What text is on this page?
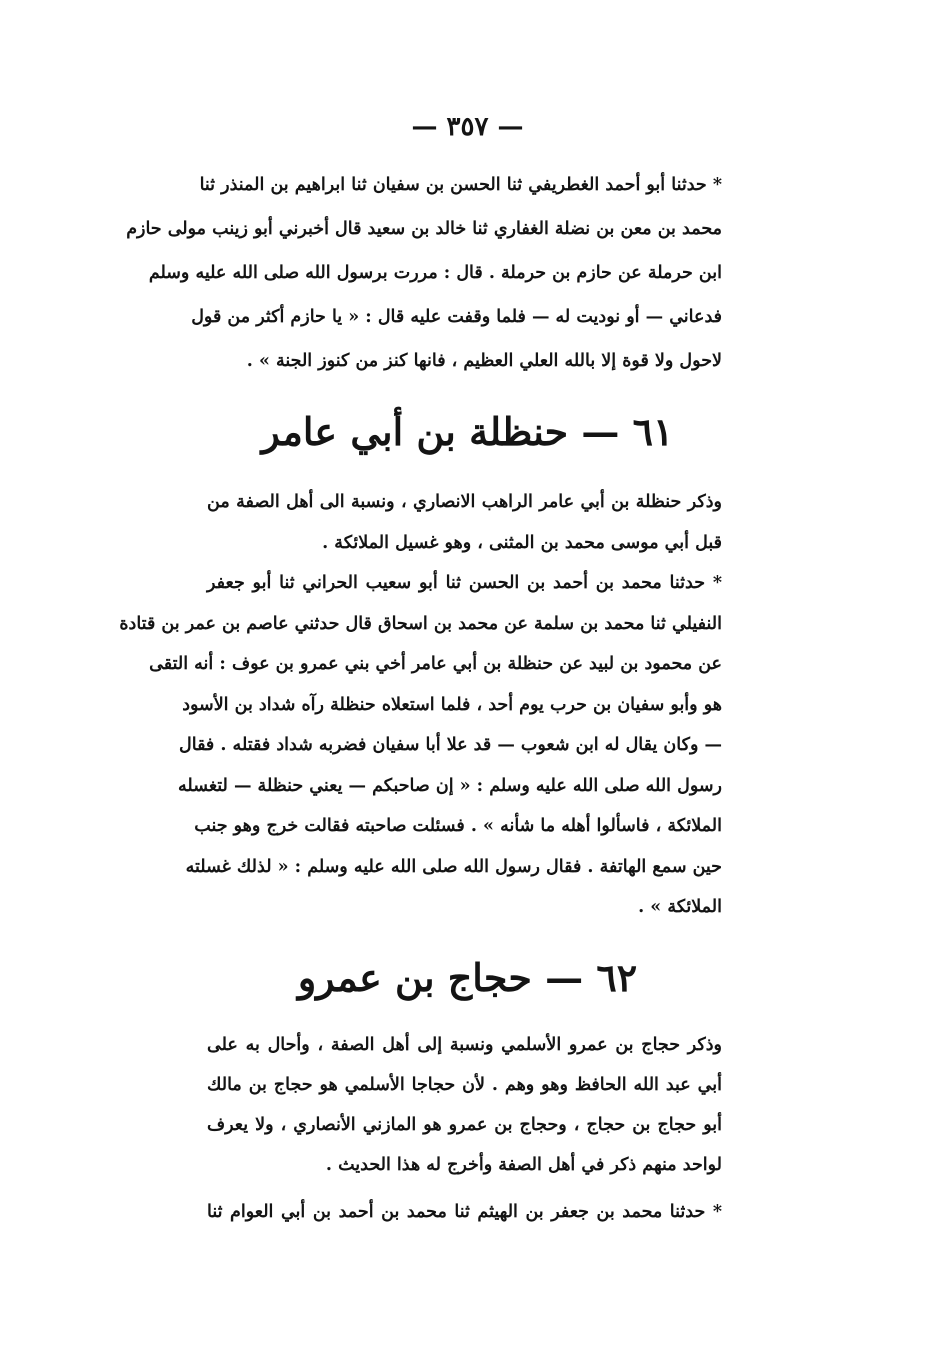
— ٣٥٧ —
* حدثنا أبو أحمد الغطريفي ثنا الحسن بن سفيان ثنا ابراهيم بن المنذر ثنا
محمد بن معن بن نضلة الغفاري ثنا خالد بن سعيد قال أخبرني أبو زينب مولى حازم
ابن حرملة عن حازم بن حرملة . قال : مررت برسول الله صلى الله عليه وسلم
فدعاني — أو نوديت له — فلما وقفت عليه قال : « يا حازم أكثر من قول
لاحول ولا قوة إلا بالله العلي العظيم ، فانها كنز من كنوز الجنة » .
٦١ — حنظلة بن أبي عامر
وذكر حنظلة بن أبي عامر الراهب الانصاري ، ونسبة الى أهل الصفة من
قبل أبي موسى محمد بن المثنى ، وهو غسيل الملائكة .
* حدثنا محمد بن أحمد بن الحسن ثنا أبو سعيب الحراني ثنا أبو جعفر
النفيلي ثنا محمد بن سلمة عن محمد بن اسحاق قال حدثني عاصم بن عمر بن قتادة
عن محمود بن لبيد عن حنظلة بن أبي عامر أخي بني عمرو بن عوف : أنه التقى
هو وأبو سفيان بن حرب يوم أحد ، فلما استعلاه حنظلة رآه شداد بن الأسود
— وكان يقال له ابن شعوب — قد علا أبا سفيان فضربه شداد فقتله . فقال
رسول الله صلى الله عليه وسلم : « إن صاحبكم — يعني حنظلة — لتغسله
الملائكة ، فاسألوا أهله ما شأنه » . فسئلت صاحبته فقالت خرج وهو جنب
حين سمع الهاتفة . فقال رسول الله صلى الله عليه وسلم : « لذلك غسلته
الملائكة » .
٦٢ — حجاج بن عمرو
وذكر حجاج بن عمرو الأسلمي ونسبة إلى أهل الصفة ، وأحال به على
أبي عبد الله الحافظ وهو وهم . لأن حجاجا الأسلمي هو حجاج بن مالك
أبو حجاج بن حجاج ، وحجاج بن عمرو هو المازني الأنصاري ، ولا يعرف
لواحد منهم ذكر في أهل الصفة وأخرج له هذا الحديث .
* حدثنا محمد بن جعفر بن الهيثم ثنا محمد بن أحمد بن أبي العوام ثنا
